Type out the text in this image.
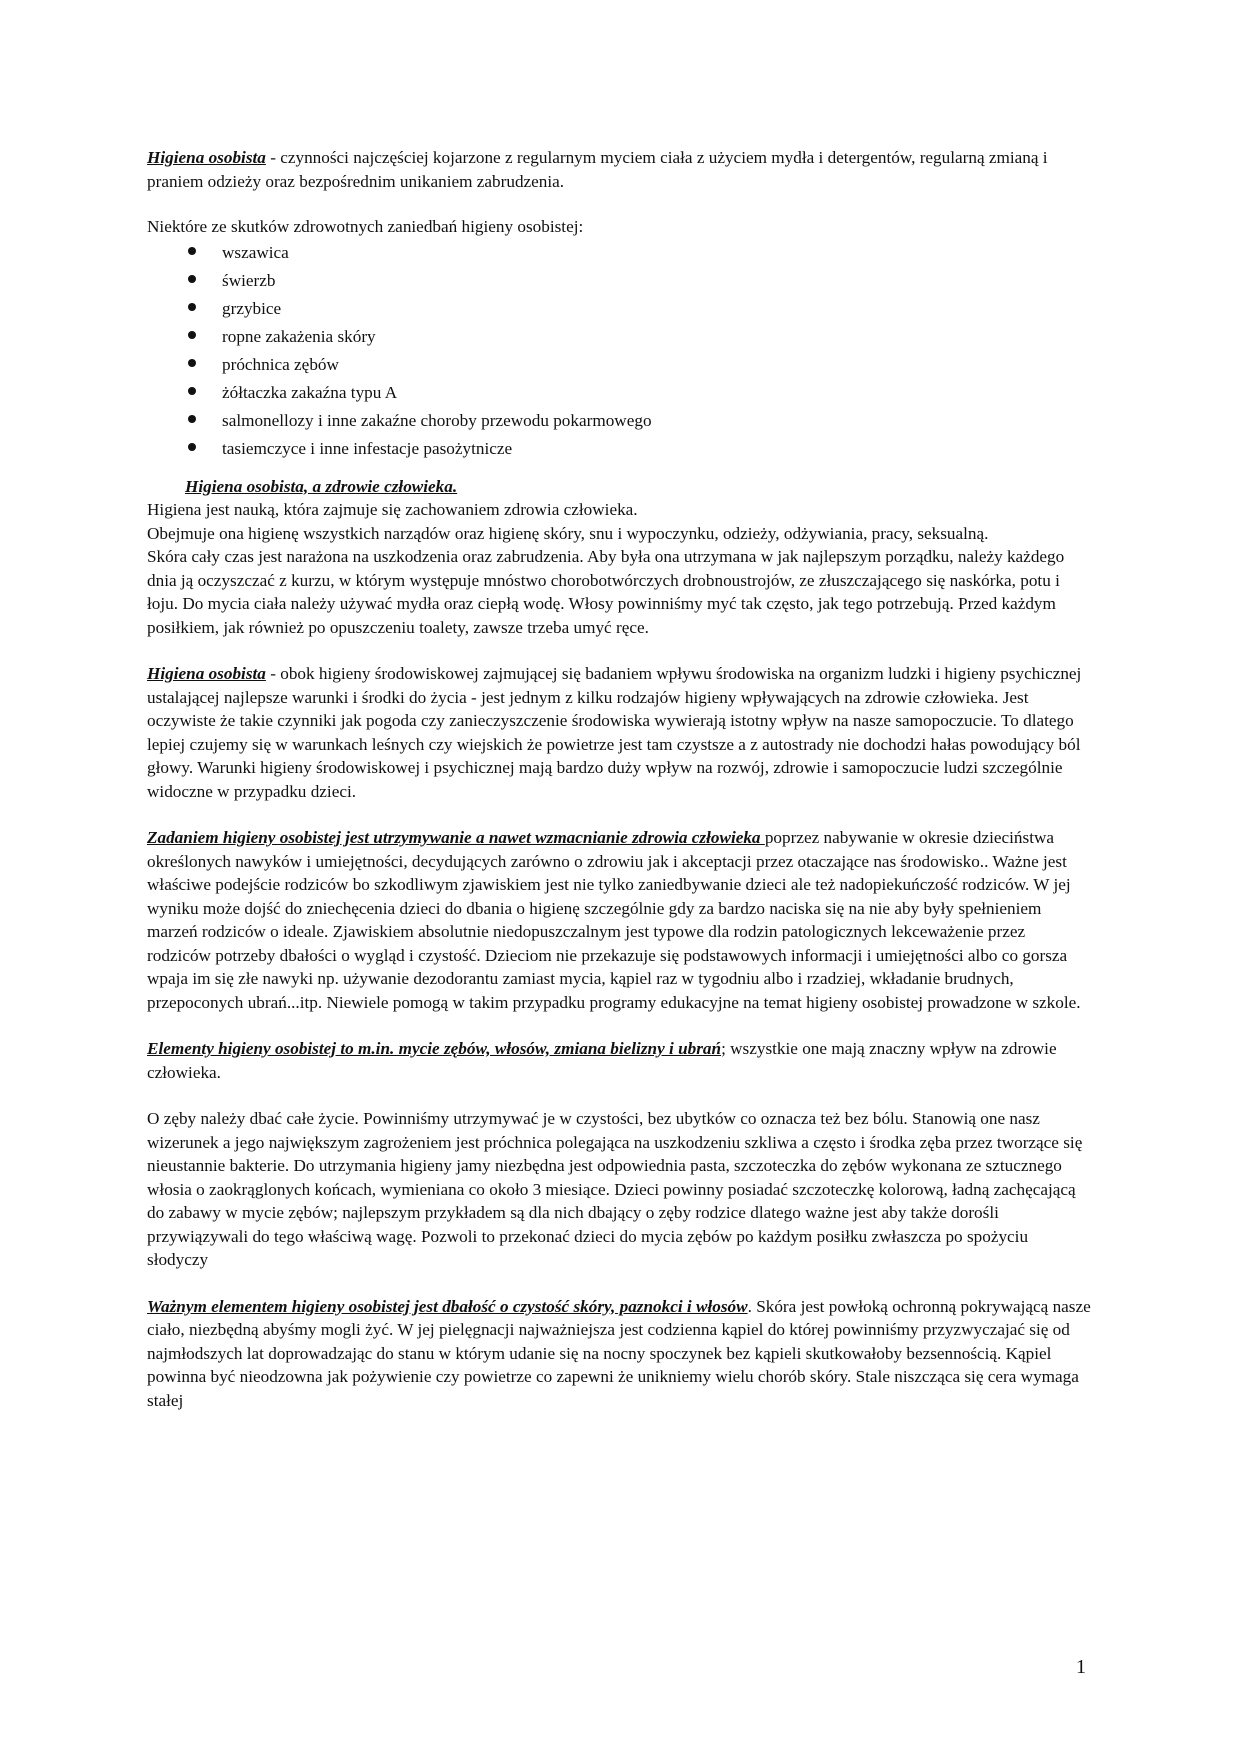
Higiena osobista - czynności najczęściej kojarzone z regularnym myciem ciała z użyciem mydła i detergentów, regularną zmianą i praniem odzieży oraz bezpośrednim unikaniem zabrudzenia.

Niektóre ze skutków zdrowotnych zaniedbań higieny osobistej:

wszawica
świerzb
grzybice
ropne zakażenia skóry
próchnica zębów
żółtaczka zakaźna typu A
salmonellozy i inne zakaźne choroby przewodu pokarmowego
tasiemczyce i inne infestacje pasożytnicze

Higiena osobista, a zdrowie człowieka.

Higiena jest nauką, która zajmuje się zachowaniem zdrowia człowieka.

Obejmuje ona higienę wszystkich narządów oraz higienę skóry, snu i wypoczynku, odzieży, odżywiania, pracy, seksualną.

Skóra cały czas jest narażona na uszkodzenia oraz zabrudzenia. Aby była ona utrzymana w jak najlepszym porządku, należy każdego dnia ją oczyszczać z kurzu, w którym występuje mnóstwo chorobotwórczych drobnoustrojów, ze złuszczającego się naskórka, potu i łoju. Do mycia ciała należy używać mydła oraz ciepłą wodę. Włosy powinniśmy myć tak często, jak tego potrzebują. Przed każdym posiłkiem, jak również po opuszczeniu toalety, zawsze trzeba umyć ręce.

Higiena osobista - obok higieny środowiskowej zajmującej się badaniem wpływu środowiska na organizm ludzki i higieny psychicznej ustalającej najlepsze warunki i środki do życia - jest jednym z kilku rodzajów higieny wpływających na zdrowie człowieka. Jest oczywiste że takie czynniki jak pogoda czy zanieczyszczenie środowiska wywierają istotny wpływ na nasze samopoczucie. To dlatego lepiej czujemy się w warunkach leśnych czy wiejskich że powietrze jest tam czystsze a z autostrady nie dochodzi hałas powodujący ból głowy. Warunki higieny środowiskowej i psychicznej mają bardzo duży wpływ na rozwój, zdrowie i samopoczucie ludzi szczególnie widoczne w przypadku dzieci.

Zadaniem higieny osobistej jest utrzymywanie a nawet wzmacnianie zdrowia człowieka poprzez nabywanie w okresie dzieciństwa określonych nawyków i umiejętności, decydujących zarówno o zdrowiu jak i akceptacji przez otaczające nas środowisko.. Ważne jest właściwe podejście rodziców bo szkodliwym zjawiskiem jest nie tylko zaniedbywanie dzieci ale też nadopiekuńczość rodziców. W jej wyniku może dojść do zniechęcenia dzieci do dbania o higienę szczególnie gdy za bardzo naciska się na nie aby były spełnieniem marzeń rodziców o ideale. Zjawiskiem absolutnie niedopuszczalnym jest typowe dla rodzin patologicznych lekceważenie przez rodziców potrzeby dbałości o wygląd i czystość. Dzieciom nie przekazuje się podstawowych informacji i umiejętności albo co gorsza wpaja im się złe nawyki np. używanie dezodorantu zamiast mycia, kąpiel raz w tygodniu albo i rzadziej, wkładanie brudnych, przepoconych ubrań...itp. Niewiele pomogą w takim przypadku programy edukacyjne na temat higieny osobistej prowadzone w szkole.

Elementy higieny osobistej to m.in. mycie zębów, włosów, zmiana bielizny i ubrań; wszystkie one mają znaczny wpływ na zdrowie człowieka.

O zęby należy dbać całe życie. Powinniśmy utrzymywać je w czystości, bez ubytków co oznacza też bez bólu. Stanowią one nasz wizerunek a jego największym zagrożeniem jest próchnica polegająca na uszkodzeniu szkliwa a często i środka zęba przez tworzące się nieustannie bakterie. Do utrzymania higieny jamy niezbędna jest odpowiednia pasta, szczoteczka do zębów wykonana ze sztucznego włosia o zaokrąglonych końcach, wymieniana co około 3 miesiące. Dzieci powinny posiadać szczoteczkę kolorową, ładną zachęcającą do zabawy w mycie zębów; najlepszym przykładem są dla nich dbający o zęby rodzice dlatego ważne jest aby także dorośli przywiązywali do tego właściwą wagę. Pozwoli to przekonać dzieci do mycia zębów po każdym posiłku zwłaszcza po spożyciu słodyczy

Ważnym elementem higieny osobistej jest dbałość o czystość skóry, paznokci i włosów. Skóra jest powłoką ochronną pokrywającą nasze ciało, niezbędną abyśmy mogli żyć. W jej pielęgnacji najważniejsza jest codzienna kąpiel do której powinniśmy przyzwyczajać się od najmłodszych lat doprowadzając do stanu w którym udanie się na nocny spoczynek bez kąpieli skutkowałoby bezsennością. Kąpiel powinna być nieodzowna jak pożywienie czy powietrze co zapewni że unikniemy wielu chorób skóry. Stale niszcząca się cera wymaga stałej

1
